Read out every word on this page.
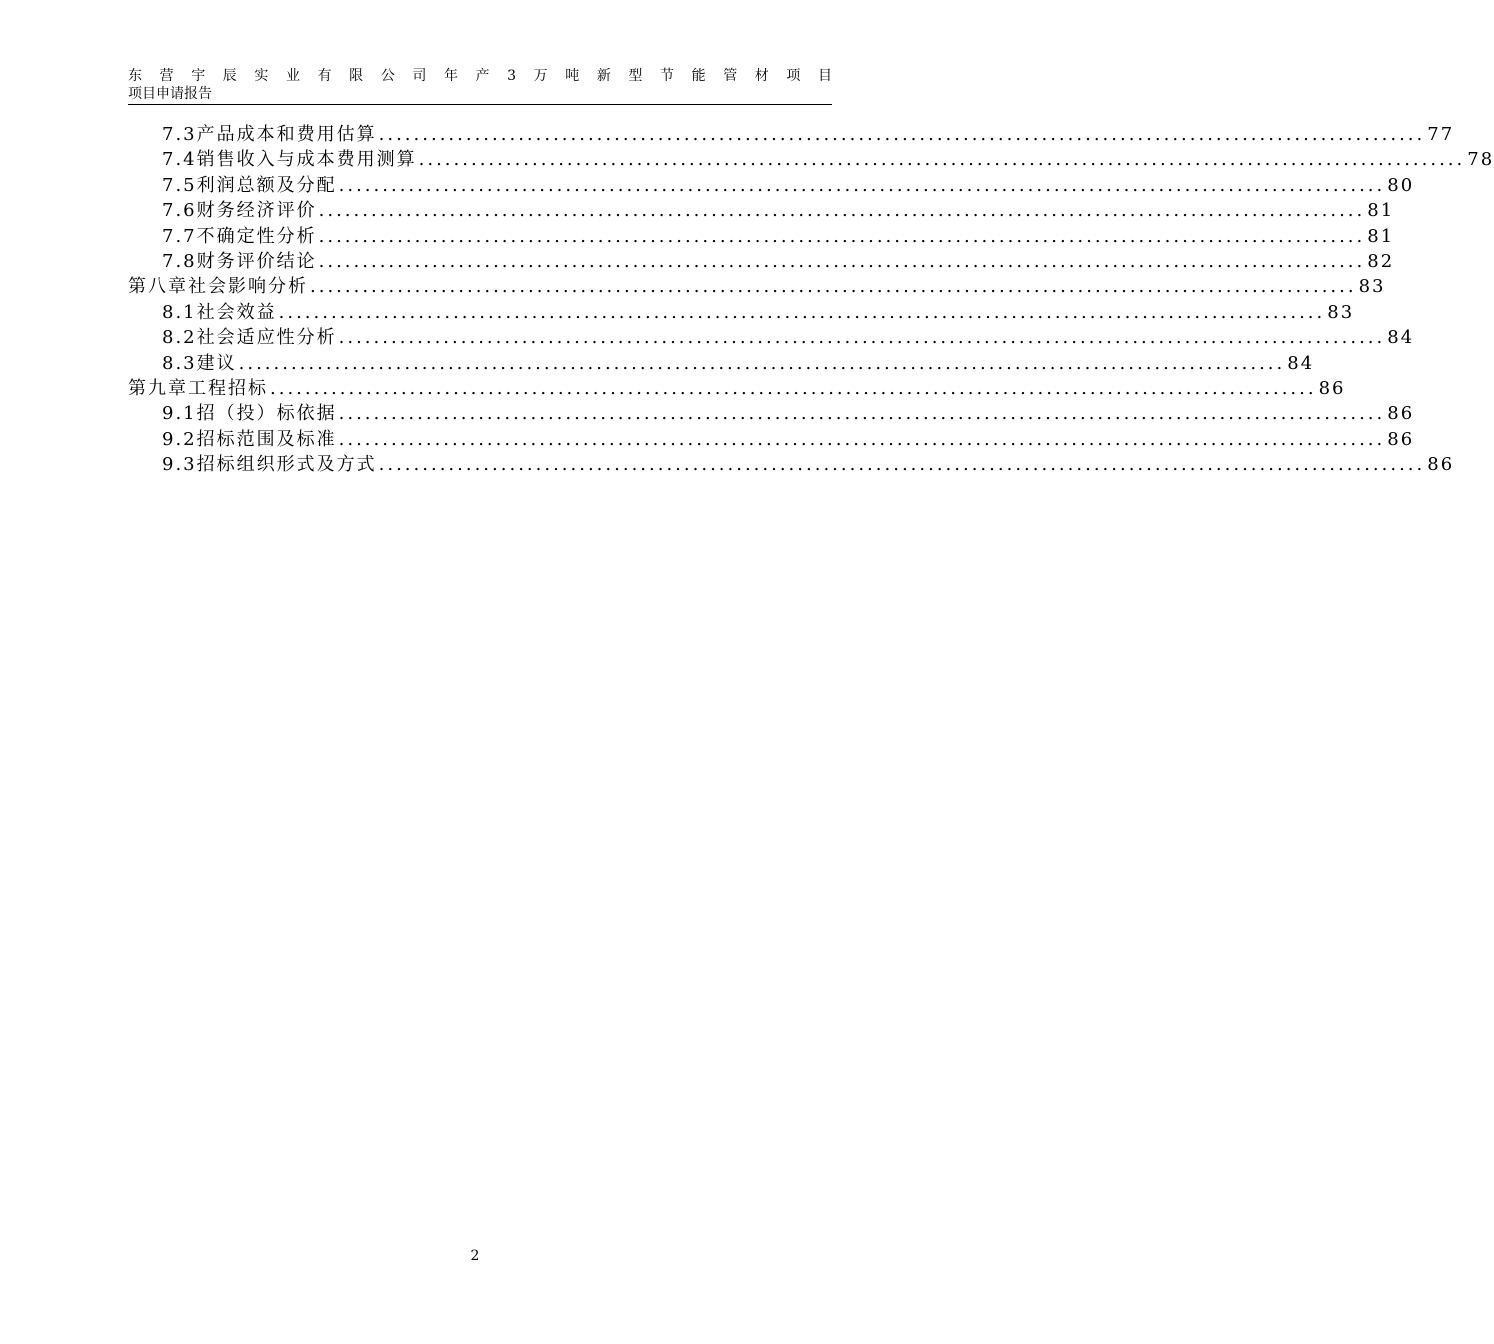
东 营 宇 辰 实 业 有 限 公 司 年 产 3 万 吨 新 型 节 能 管 材 项 目
项目申请报告
7.3 产品成本和费用估算 ........................................................................................................................ 77
7.4 销售收入与成本费用测算 ........................................................................................................................ 78
7.5 利润总额及分配 ........................................................................................................................ 80
7.6 财务经济评价 ........................................................................................................................ 81
7.7 不确定性分析 ........................................................................................................................ 81
7.8 财务评价结论 ........................................................................................................................ 82
第八章 社会影响分析 ........................................................................................................................ 83
8.1 社会效益 ........................................................................................................................ 83
8.2 社会适应性分析 ........................................................................................................................ 84
8.3 建议 ........................................................................................................................ 84
第九章 工程招标 ........................................................................................................................ 86
9.1 招（投）标依据 ........................................................................................................................ 86
9.2 招标范围及标准 ........................................................................................................................ 86
9.3 招标组织形式及方式 ........................................................................................................................ 86
2
